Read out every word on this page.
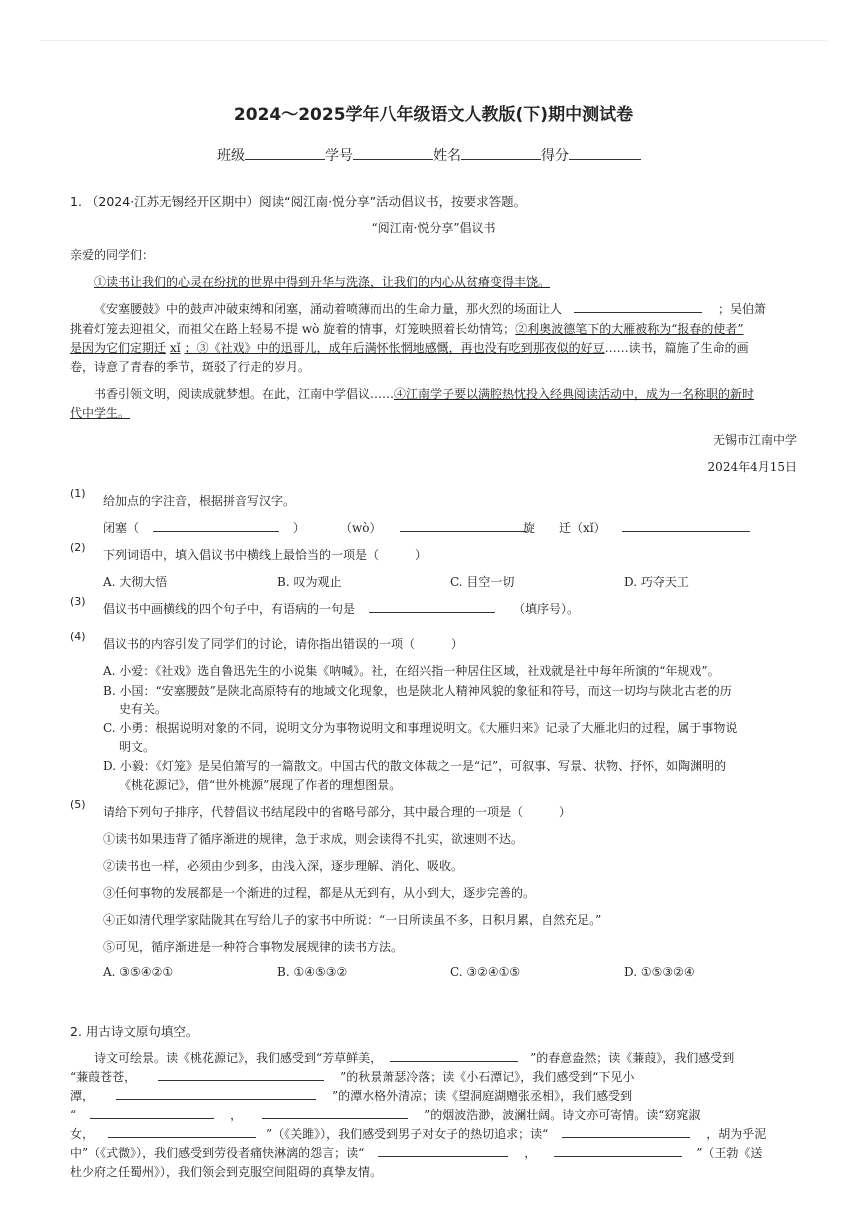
2024～2025学年八年级语文人教版(下)期中测试卷
班级	学号	姓名	得分
1. （2024·江苏无锡经开区期中）阅读“阅江南·悦分享”活动倡议书，按要求答题。
“阅江南·悦分享”倡议书
亲爱的同学们：
①读书让我们的心灵在纷扰的世界中得到升华与洗涤，让我们的内心从贫瘠变得丰饶。
《安塞腰鼓》中的鼓声冲破束缚和闭塞，涌动着喷薄而出的生命力量，那火烈的场面让人	；吴伯箫
挑着灯笼去迎祖父，而祖父在路上轻易不提 wò 旋着的情事，灯笼映照着长幼情笃；②利奥波德笔下的大雁被称为“报春的使者”
是因为它们定期迁 xǐ ；③《社戏》中的迅哥儿，成年后满怀怅惘地感慨，再也没有吃到那夜似的好豆……读书，篇施了生命的画
卷，诗意了青春的季节，斑驳了行走的岁月。
书香引领文明，阅读成就梦想。在此，江南中学倡议……④江南学子要以满腔热忱投入经典阅读活动中，成为一名称职的新时
代中学生。
无锡市江南中学
2024年4月15日
(1)
给加点的字注音，根据拼音写汉字。
闭塞（	）	（wò）	旋 迁（xǐ）
(2)
下列词语中，填入倡议书中横线上最恰当的一项是（　　　）
A. 大彻大悟	B. 叹为观止	C. 目空一切	D. 巧夺天工
(3)
倡议书中画横线的四个句子中，有语病的一句是	（填序号）。
(4)
倡议书的内容引发了同学们的讨论，请你指出错误的一项（　　　）
A. 小爱：《社戏》选自鲁迅先生的小说集《呐喊》。社，在绍兴指一种居住区域，社戏就是社中每年所演的“年规戏”。
B. 小国：“安塞腰鼓”是陕北高原特有的地域文化现象，也是陕北人精神风貌的象征和符号，而这一切均与陕北古老的历
史有关。
C. 小勇：根据说明对象的不同，说明文分为事物说明文和事理说明文。《大雁归来》记录了大雁北归的过程，属于事物说
明文。
D. 小毅：《灯笼》是吴伯箫写的一篇散文。中国古代的散文体裁之一是“记”，可叙事、写景、状物、抒怀，如陶渊明的
《桃花源记》，借“世外桃源”展现了作者的理想图景。
(5)
请给下列句子排序，代替倡议书结尾段中的省略号部分，其中最合理的一项是（　　　）
①读书如果违背了循序渐进的规律，急于求成，则会读得不扎实，欲速则不达。
②读书也一样，必须由少到多，由浅入深，逐步理解、消化、吸收。
③任何事物的发展都是一个渐进的过程，都是从无到有，从小到大，逐步完善的。
④正如清代理学家陆陇其在写给儿子的家书中所说：“一日所读虽不多，日积月累，自然充足。”
⑤可见，循序渐进是一种符合事物发展规律的读书方法。
A. ③⑤④②①	B. ①④⑤③②	C. ③②④①⑤	D. ①⑤③②④
2. 用古诗文原句填空。
诗文可绘景。读《桃花源记》，我们感受到“芳草鲜美，	”的春意盎然；读《蒹葭》，我们感受到
“蒹葭苍苍，	”的秋景萧瑟冷落；读《小石潭记》，我们感受到“下见小
潭，	”的潭水格外清凉；读《望洞庭湖赠张丞相》，我们感受到
“	，	”的烟波浩渺，波澜壮阔。诗文亦可寄情。读“窈窕淑
女，	”（《关雎》），我们感受到男子对女子的热切追求；读“	，胡为乎泥
中”（《式微》），我们感受到劳役者痛快淋漓的怨言；读“	，	”（王勃《送
杜少府之任蜀州》），我们领会到克服空间阻碍的真挚友情。
